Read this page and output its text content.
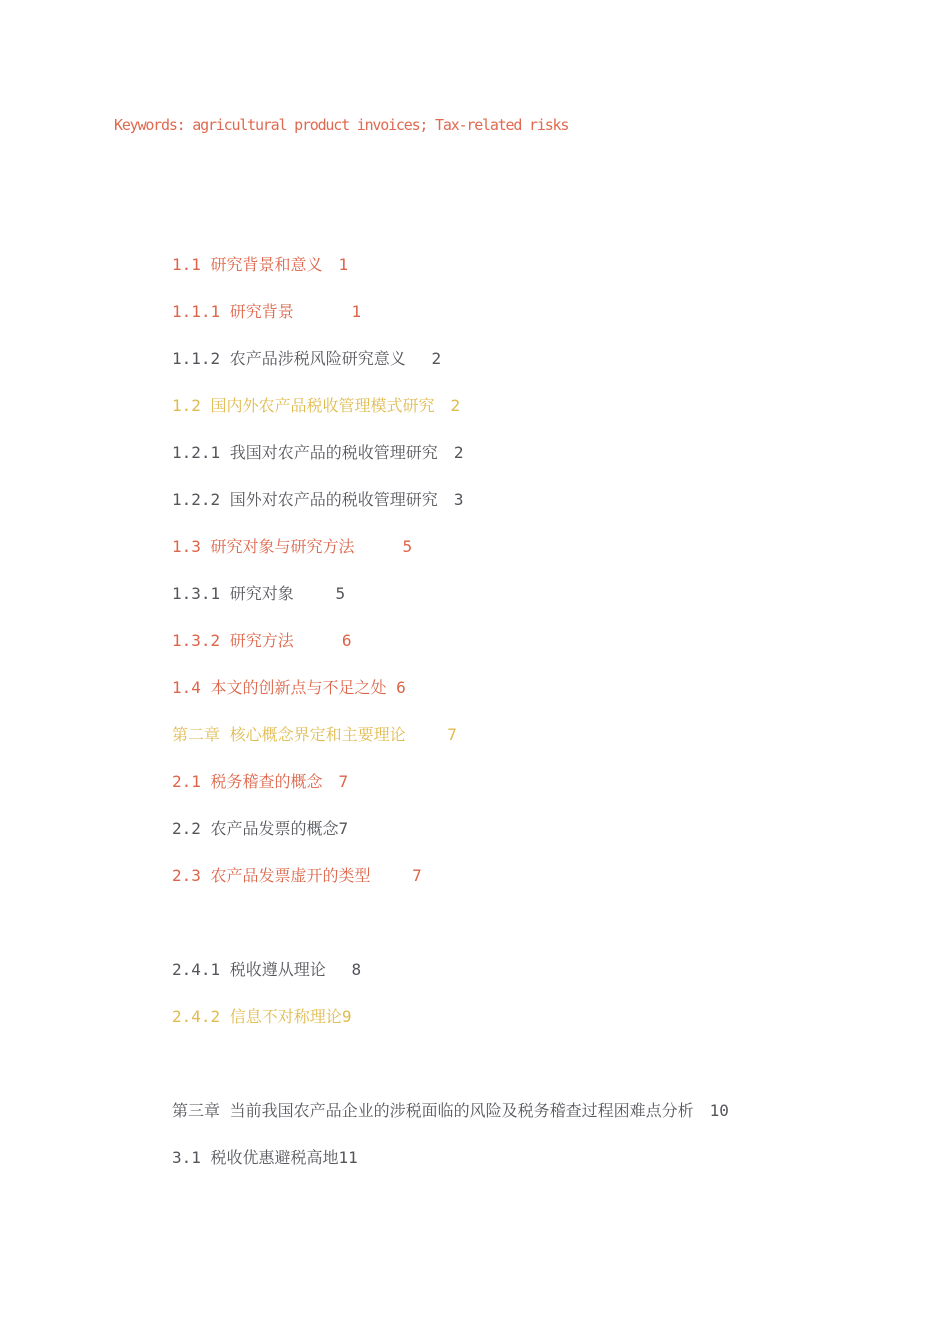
Keywords: agricultural product invoices; Tax-related risks
1.1 研究背景和意义　1
1.1.1 研究背景　　　 1
1.1.2 农产品涉税风险研究意义　 2
1.2 国内外农产品税收管理模式研究　2
1.2.1 我国对农产品的税收管理研究　2
1.2.2 国外对农产品的税收管理研究　3
1.3 研究对象与研究方法　　　5
1.3.1 研究对象　　 5
1.3.2 研究方法　　　6
1.4 本文的创新点与不足之处 6
第二章 核心概念界定和主要理论　　 7
2.1 税务稽查的概念　7
2.2 农产品发票的概念7
2.3 农产品发票虚开的类型　　 7
2.4.1 税收遵从理论　 8
2.4.2 信息不对称理论9
第三章 当前我国农产品企业的涉税面临的风险及税务稽查过程困难点分析　10
3.1 税收优惠避税高地11
